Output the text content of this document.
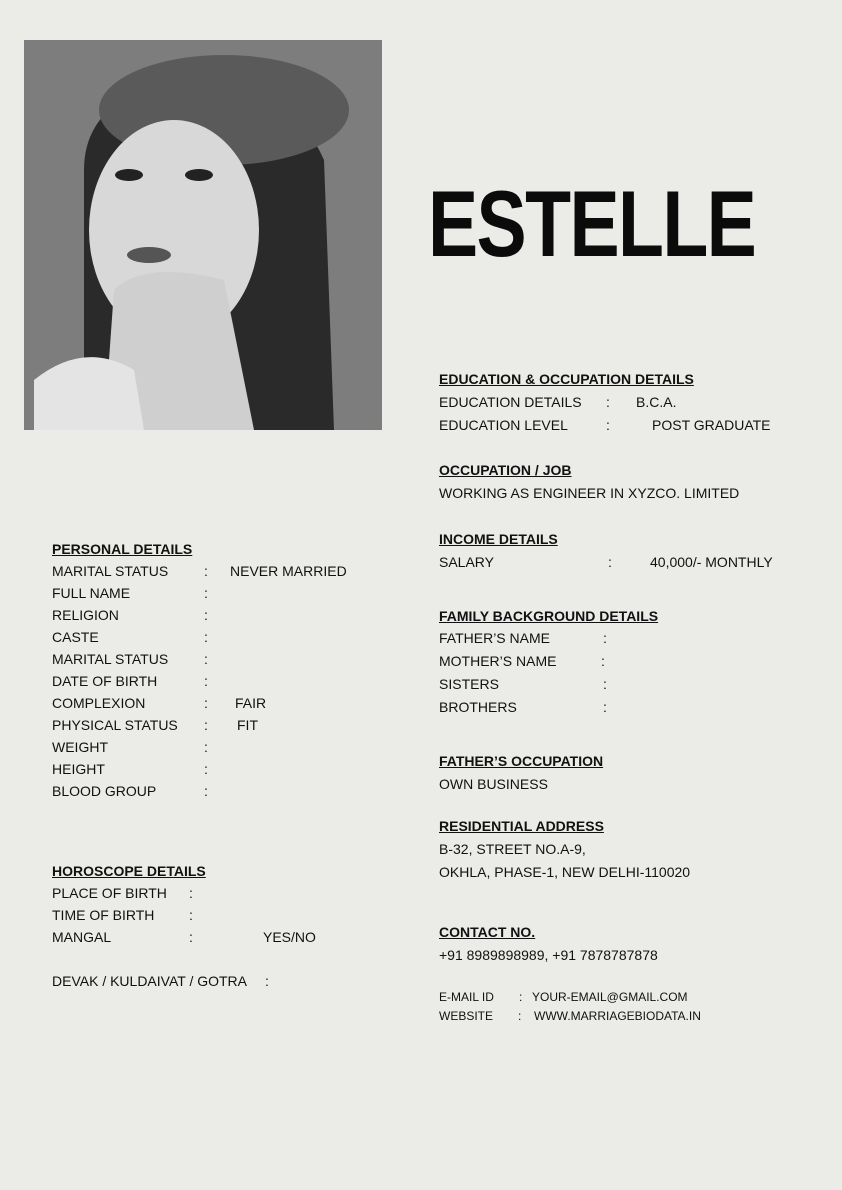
ESTELLE
PERSONAL DETAILS
MARITAL STATUS	: NEVER MARRIED
FULL NAME	:
RELIGION	:
CASTE	:
MARITAL STATUS	:
DATE OF BIRTH	:
COMPLEXION	: FAIR
PHYSICAL STATUS : FIT
WEIGHT	:
HEIGHT	:
BLOOD GROUP	:
HOROSCOPE DETAILS
PLACE OF BIRTH :
TIME OF BIRTH :
MANGAL	:	YES/NO
DEVAK / KULDAIVAT / GOTRA :
EDUCATION & OCCUPATION DETAILS
EDUCATION DETAILS : B.C.A.
EDUCATION LEVEL	:	POST GRADUATE
OCCUPATION / JOB
WORKING AS ENGINEER IN XYZCO. LIMITED
INCOME DETAILS
SALARY	:	40,000/- MONTHLY
FAMILY BACKGROUND DETAILS
FATHER’S NAME	:
MOTHER’S NAME	:
SISTERS	:
BROTHERS	:
FATHER’S OCCUPATION
OWN BUSINESS
RESIDENTIAL ADDRESS
B-32, STREET NO.A-9,
OKHLA, PHASE-1, NEW DELHI-110020
CONTACT NO.
+91 8989898989, +91 7878787878
E-MAIL ID : YOUR-EMAIL@GMAIL.COM
WEBSITE : WWW.MARRIAGEBIODATA.IN
